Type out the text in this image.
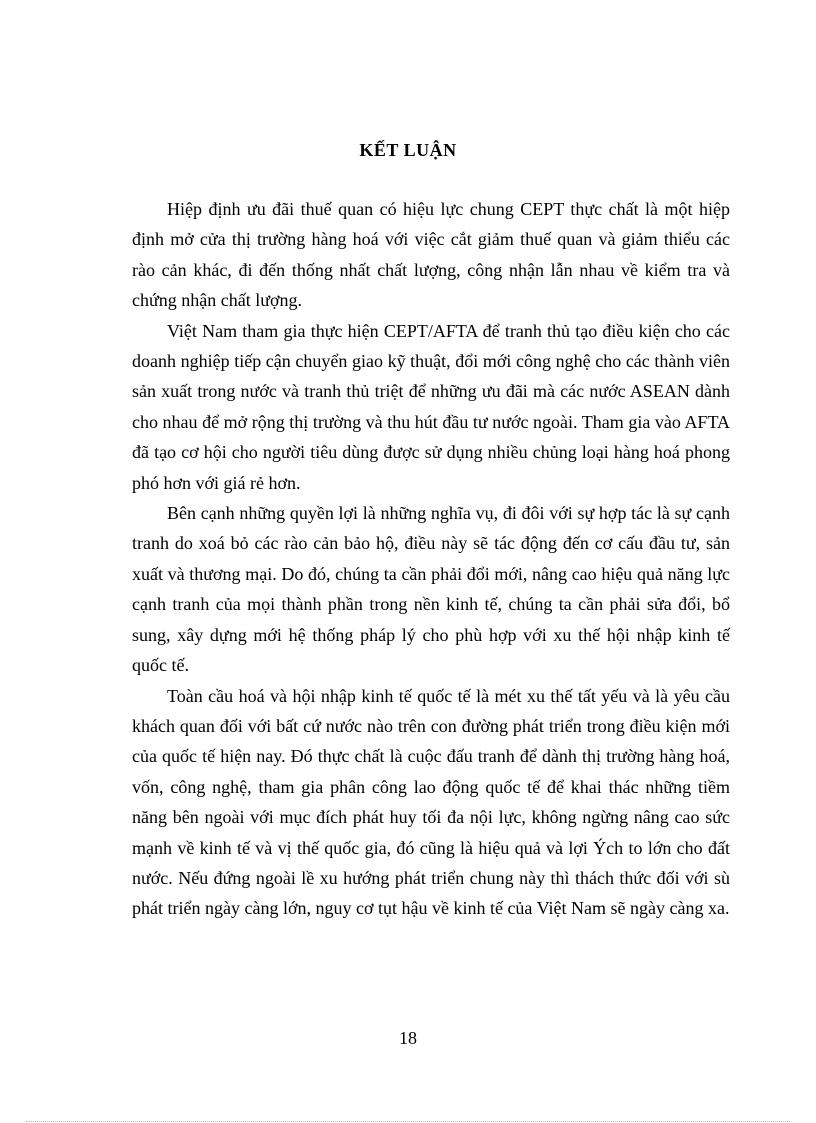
KẾT LUẬN

Hiệp định ưu đãi thuế quan có hiệu lực chung CEPT thực chất là một hiệp định mở cửa thị trường hàng hoá với việc cắt giảm thuế quan và giảm thiểu các rào cản khác, đi đến thống nhất chất lượng, công nhận lẫn nhau về kiểm tra và chứng nhận chất lượng.

Việt Nam tham gia thực hiện CEPT/AFTA để tranh thủ tạo điều kiện cho các doanh nghiệp tiếp cận chuyển giao kỹ thuật, đổi mới công nghệ cho các thành viên sản xuất trong nước và tranh thủ triệt để những ưu đãi mà các nước ASEAN dành cho nhau để mở rộng thị trường và thu hút đầu tư nước ngoài. Tham gia vào AFTA đã tạo cơ hội cho người tiêu dùng được sử dụng nhiều chủng loại hàng hoá phong phó hơn với giá rẻ hơn.

Bên cạnh những quyền lợi là những nghĩa vụ, đi đôi với sự hợp tác là sự cạnh tranh do xoá bỏ các rào cản bảo hộ, điều này sẽ tác động đến cơ cấu đầu tư, sản xuất và thương mại. Do đó, chúng ta cần phải đổi mới, nâng cao hiệu quả năng lực cạnh tranh của mọi thành phần trong nền kinh tế, chúng ta cần phải sửa đổi, bổ sung, xây dựng mới hệ thống pháp lý cho phù hợp với xu thế hội nhập kinh tế quốc tế.

Toàn cầu hoá và hội nhập kinh tế quốc tế là mét xu thế tất yếu và là yêu cầu khách quan đối với bất cứ nước nào trên con đường phát triển trong điều kiện mới của quốc tế hiện nay. Đó thực chất là cuộc đấu tranh để dành thị trường hàng hoá, vốn, công nghệ, tham gia phân công lao động quốc tế để khai thác những tiềm năng bên ngoài với mục đích phát huy tối đa nội lực, không ngừng nâng cao sức mạnh về kinh tế và vị thế quốc gia, đó cũng là hiệu quả và lợi Ých to lớn cho đất nước. Nếu đứng ngoài lề xu hướng phát triển chung này thì thách thức đối với sù phát triển ngày càng lớn, nguy cơ tụt hậu về kinh tế của Việt Nam sẽ ngày càng xa.

18
